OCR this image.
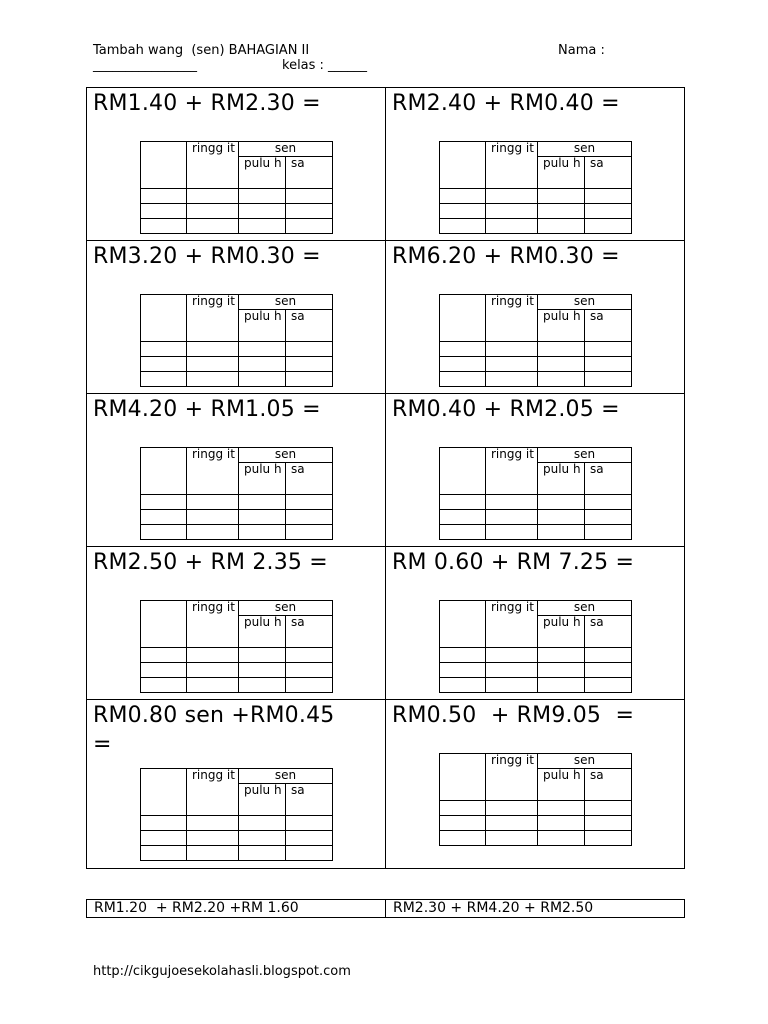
Tambah wang  (sen) BAHAGIAN II	Nama :
________________	kelas : ______
RM1.40 + RM2.30 =
	ringg it	sen
pulu h	sa

RM2.40 + RM0.40 =
	ringg it	sen
pulu h	sa

RM3.20 + RM0.30 =
	ringg it	sen
pulu h	sa

RM6.20 + RM0.30 =
	ringg it	sen
pulu h	sa

RM4.20 + RM1.05 =
	ringg it	sen
pulu h	sa

RM0.40 + RM2.05 =
	ringg it	sen
pulu h	sa

RM2.50 + RM 2.35 =
	ringg it	sen
pulu h	sa

RM 0.60 + RM 7.25 =
	ringg it	sen
pulu h	sa

RM0.80 sen +RM0.45
=
	ringg it	sen
pulu h	sa

RM0.50  + RM9.05  =
	ringg it	sen
pulu h	sa

RM1.20  + RM2.20 +RM 1.60	RM2.30 + RM4.20 + RM2.50
http://cikgujoesekolahasli.blogspot.com
